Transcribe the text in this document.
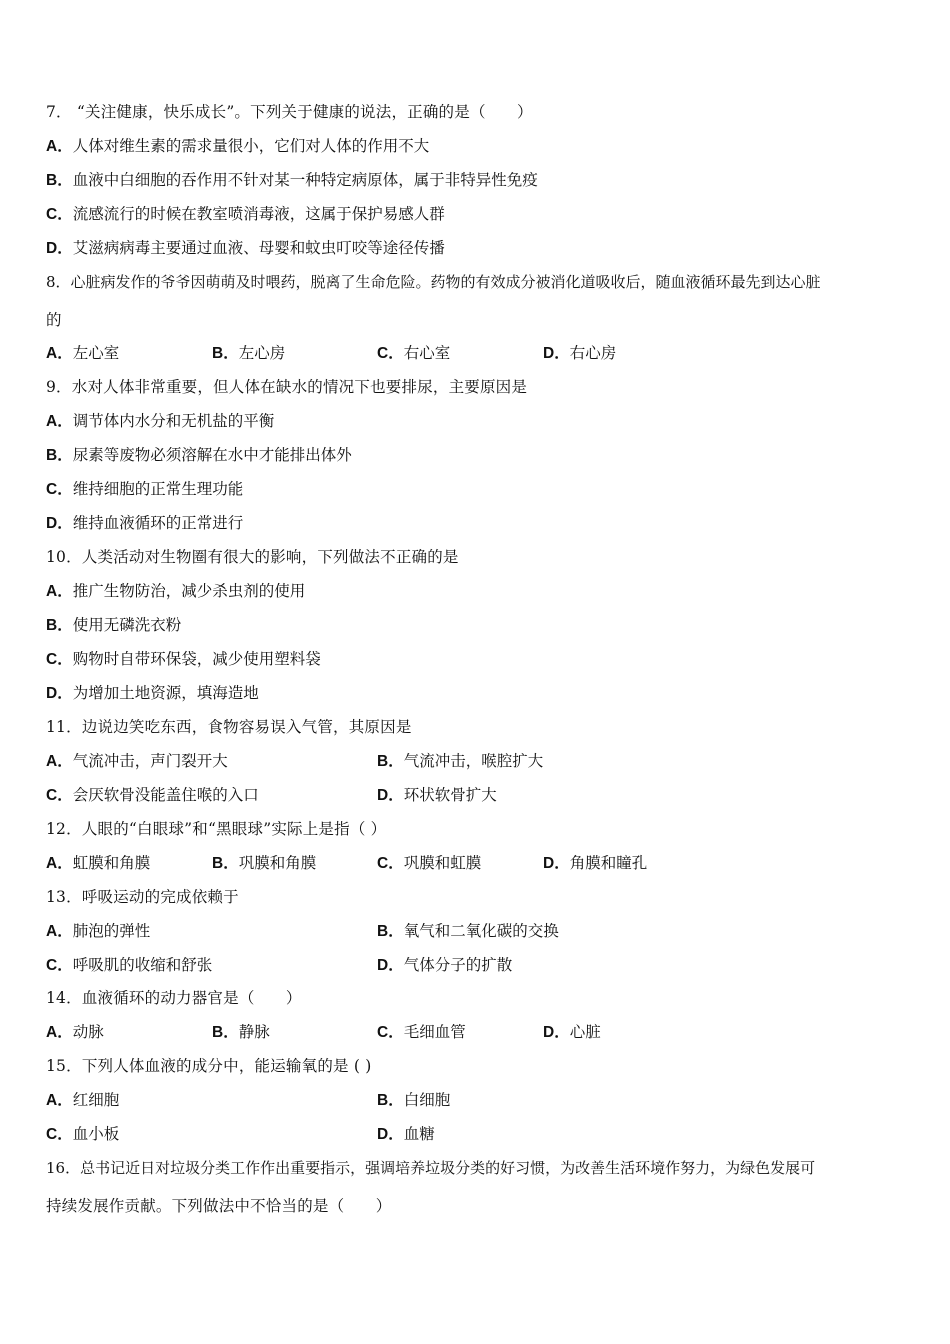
7． “关注健康，快乐成长”。下列关于健康的说法，正确的是（　　）
A．人体对维生素的需求量很小，它们对人体的作用不大
B．血液中白细胞的吞作用不针对某一种特定病原体，属于非特异性免疫
C．流感流行的时候在教室喷消毒液，这属于保护易感人群
D．艾滋病病毒主要通过血液、母婴和蚊虫叮咬等途径传播
8．心脏病发作的爷爷因萌萌及时喂药，脱离了生命危险。药物的有效成分被消化道吸收后，随血液循环最先到达心脏
的
A．左心室	B．左心房	C．右心室	D．右心房
9．水对人体非常重要，但人体在缺水的情况下也要排尿，主要原因是
A．调节体内水分和无机盐的平衡
B．尿素等废物必须溶解在水中才能排出体外
C．维持细胞的正常生理功能
D．维持血液循环的正常进行
10．人类活动对生物圈有很大的影响，下列做法不正确的是
A．推广生物防治，减少杀虫剂的使用
B．使用无磷洗衣粉
C．购物时自带环保袋，减少使用塑料袋
D．为增加土地资源，填海造地
11．边说边笑吃东西，食物容易误入气管，其原因是
A．气流冲击，声门裂开大	B．气流冲击，喉腔扩大
C．会厌软骨没能盖住喉的入口	D．环状软骨扩大
12．人眼的“白眼球”和“黑眼球”实际上是指（ ）
A．虹膜和角膜	B．巩膜和角膜	C．巩膜和虹膜	D．角膜和瞳孔
13．呼吸运动的完成依赖于
A．肺泡的弹性	B．氧气和二氧化碳的交换
C．呼吸肌的收缩和舒张	D．气体分子的扩散
14．血液循环的动力器官是（　　）
A．动脉	B．静脉	C．毛细血管	D．心脏
15．下列人体血液的成分中，能运输氧的是 ( )
A．红细胞	B．白细胞
C．血小板	D．血糖
16．总书记近日对垃圾分类工作作出重要指示，强调培养垃圾分类的好习惯，为改善生活环境作努力，为绿色发展可
持续发展作贡献。下列做法中不恰当的是（　　）
